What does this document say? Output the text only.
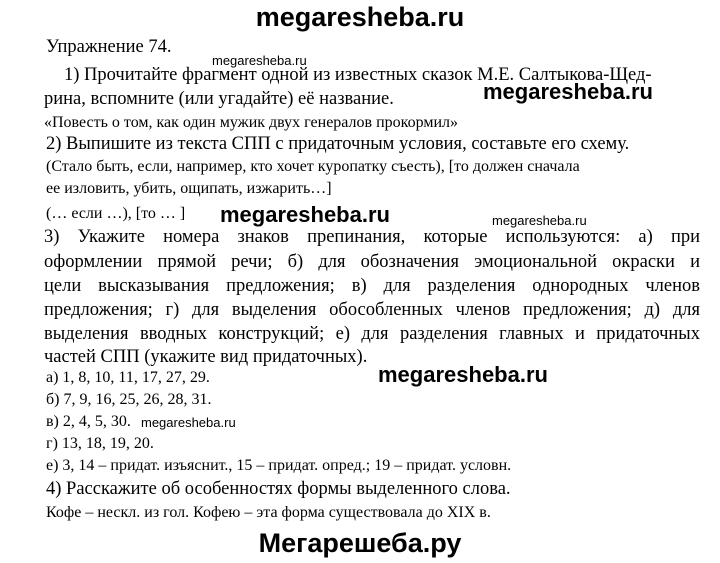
megaresheba.ru
Упражнение 74.
megaresheba.ru
1) Прочитайте фрагмент одной из известных сказок М.Е. Салтыкова-Щед-
рина, вспомните (или угадайте) её название.	megaresheba.ru
«Повесть о том, как один мужик двух генералов прокормил»
2) Выпишите из текста СПП с придаточным условия, составьте его схему.
(Стало быть, если, например, кто хочет куропатку съесть), [то должен сначала
ее изловить, убить, ощипать, изжарить…]
(… если …), [то … ] megaresheba.ru	megaresheba.ru
3) Укажите номера знаков препинания, которые используются: а) при
оформлении прямой речи; б) для обозначения эмоциональной окраски и
цели высказывания предложения; в) для разделения однородных членов
предложения; г) для выделения обособленных членов предложения; д) для
выделения вводных конструкций; е) для разделения главных и придаточных
частей СПП (укажите вид придаточных).
megaresheba.ru
а) 1, 8, 10, 11, 17, 27, 29.
б) 7, 9, 16, 25, 26, 28, 31.
в) 2, 4, 5, 30. megaresheba.ru
г) 13, 18, 19, 20.
е) 3, 14 – придат. изъяснит., 15 – придат. опред.; 19 – придат. условн.
4) Расскажите об особенностях формы выделенного слова.
Кофе – нескл. из гол. Кофею – эта форма существовала до XIX в.
Мегарешеба.ру
